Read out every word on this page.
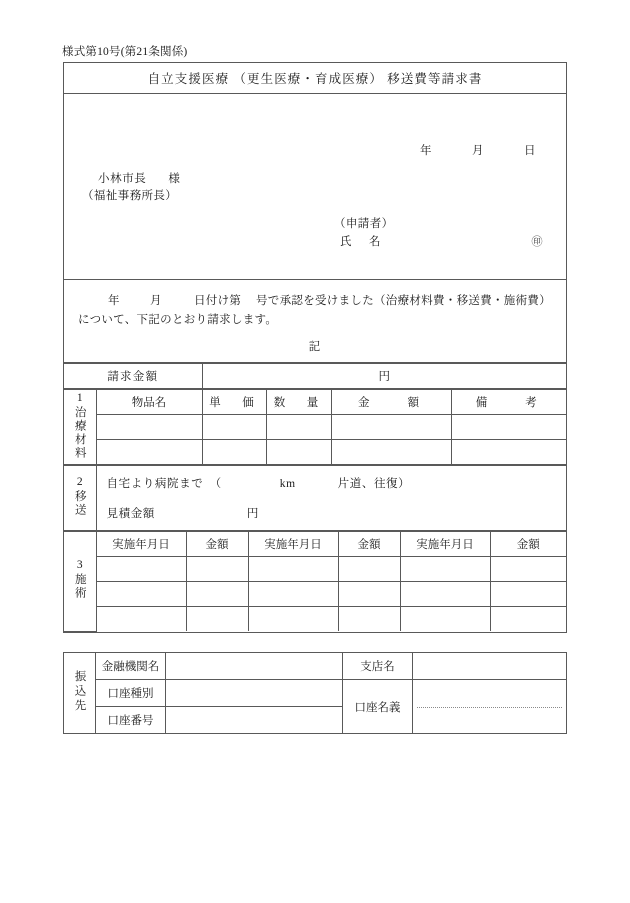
様式第10号(第21条関係)
自立支援医療 （更生医療・育成医療） 移送費等請求書
年	月	日
小林市長 様
（福祉事務所長）
（申請者）
氏　名	㊞
年	月	日付け第 号で承認を受けました（治療材料費・移送費・施術費）
について、下記のとおり請求します。
記
請求金額	円
1
治療材料	物品名	単　価	数　量	金　　額	備　　考

2
移送	
自宅より病院まで　（	km	片道、往復）
見積金額	円
3
施術	実施年月日	金額	実施年月日	金額	実施年月日	金額

振込先	金融機関名		支店名	
	口座種別		口座名義	

	口座番号			
